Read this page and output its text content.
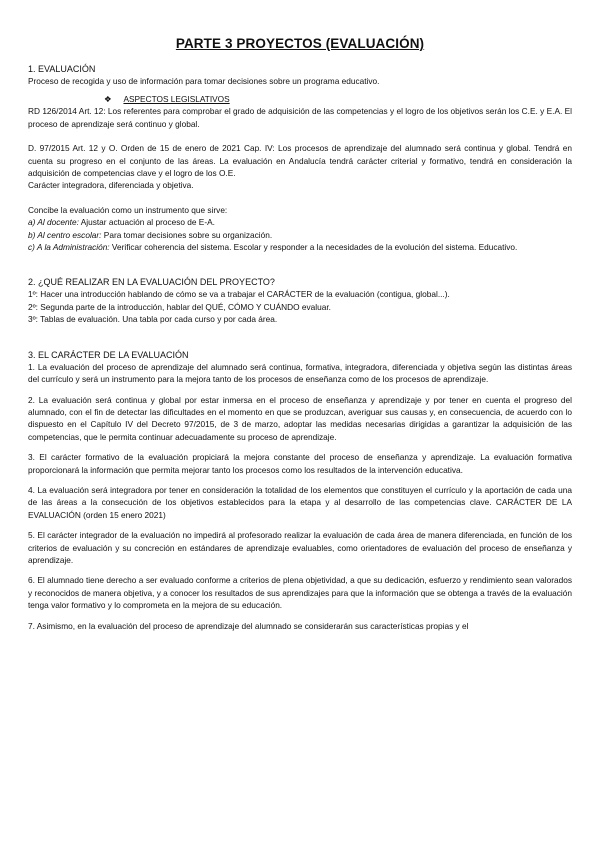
PARTE 3 PROYECTOS (EVALUACIÓN)

1. EVALUACIÓN

Proceso de recogida y uso de información para tomar decisiones sobre un programa educativo.

❖ ASPECTOS LEGISLATIVOS

RD 126/2014 Art. 12: Los referentes para comprobar el grado de adquisición de las competencias y el logro de los objetivos serán los C.E. y E.A. El proceso de aprendizaje será continuo y global.

D. 97/2015 Art. 12 y O. Orden de 15 de enero de 2021 Cap. IV: Los procesos de aprendizaje del alumnado será continua y global. Tendrá en cuenta su progreso en el conjunto de las áreas. La evaluación en Andalucía tendrá carácter criterial y formativo, tendrá en consideración la adquisición de competencias clave y el logro de los O.E.

Carácter integradora, diferenciada y objetiva.

Concibe la evaluación como un instrumento que sirve:

a) Al docente: Ajustar actuación al proceso de E-A.

b) Al centro escolar: Para tomar decisiones sobre su organización.

c) A la Administración: Verificar coherencia del sistema. Escolar y responder a la necesidades de la evolución del sistema. Educativo.

2. ¿QUÉ REALIZAR EN LA EVALUACIÓN DEL PROYECTO?

1º: Hacer una introducción hablando de cómo se va a trabajar el CARÁCTER de la evaluación (contigua, global...).

2º: Segunda parte de la introducción, hablar del QUÉ, CÓMO Y CUÁNDO evaluar.

3º: Tablas de evaluación. Una tabla por cada curso y por cada área.

3. EL CARÁCTER DE LA EVALUACIÓN

1. La evaluación del proceso de aprendizaje del alumnado será continua, formativa, integradora, diferenciada y objetiva según las distintas áreas del currículo y será un instrumento para la mejora tanto de los procesos de enseñanza como de los procesos de aprendizaje.

2. La evaluación será continua y global por estar inmersa en el proceso de enseñanza y aprendizaje y por tener en cuenta el progreso del alumnado, con el fin de detectar las dificultades en el momento en que se produzcan, averiguar sus causas y, en consecuencia, de acuerdo con lo dispuesto en el Capítulo IV del Decreto 97/2015, de 3 de marzo, adoptar las medidas necesarias dirigidas a garantizar la adquisición de las competencias, que le permita continuar adecuadamente su proceso de aprendizaje.

3. El carácter formativo de la evaluación propiciará la mejora constante del proceso de enseñanza y aprendizaje. La evaluación formativa proporcionará la información que permita mejorar tanto los procesos como los resultados de la intervención educativa.

4. La evaluación será integradora por tener en consideración la totalidad de los elementos que constituyen el currículo y la aportación de cada una de las áreas a la consecución de los objetivos establecidos para la etapa y al desarrollo de las competencias clave. CARÁCTER DE LA EVALUACIÓN (orden 15 enero 2021)

5. El carácter integrador de la evaluación no impedirá al profesorado realizar la evaluación de cada área de manera diferenciada, en función de los criterios de evaluación y su concreción en estándares de aprendizaje evaluables, como orientadores de evaluación del proceso de enseñanza y aprendizaje.

6. El alumnado tiene derecho a ser evaluado conforme a criterios de plena objetividad, a que su dedicación, esfuerzo y rendimiento sean valorados y reconocidos de manera objetiva, y a conocer los resultados de sus aprendizajes para que la información que se obtenga a través de la evaluación tenga valor formativo y lo comprometa en la mejora de su educación.

7. Asimismo, en la evaluación del proceso de aprendizaje del alumnado se considerarán sus características propias y el
